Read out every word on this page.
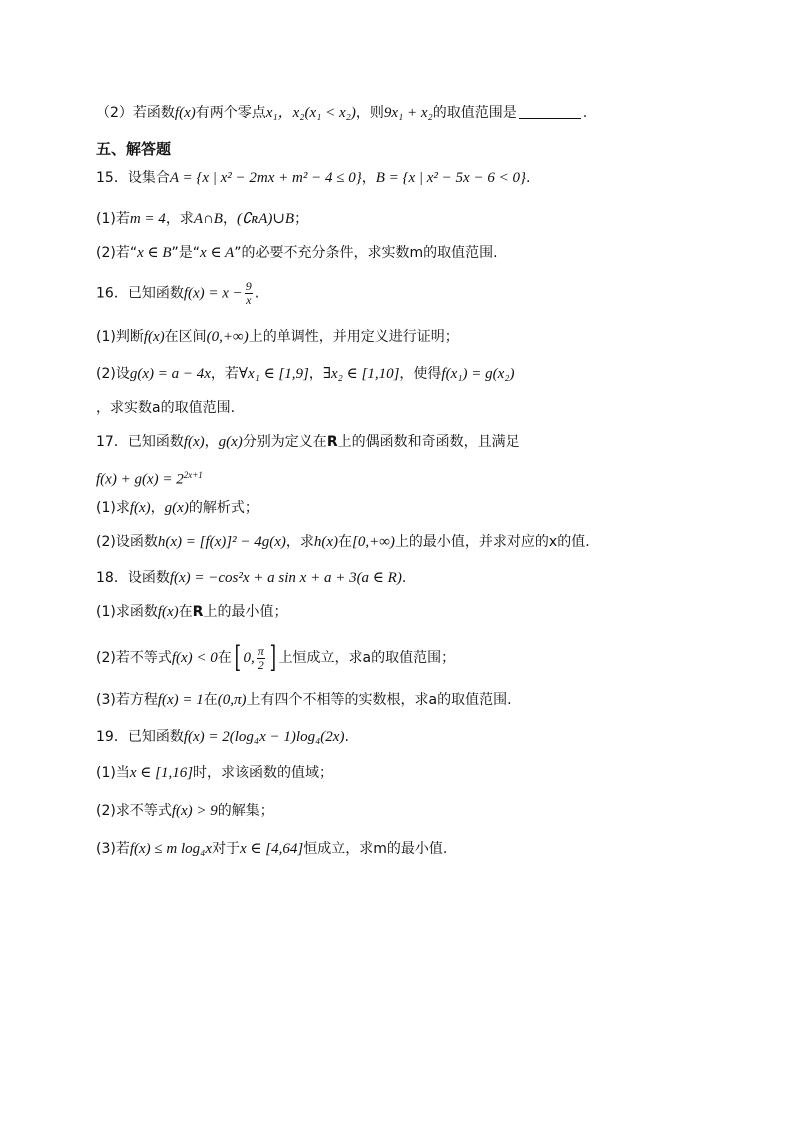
（2）若函数f(x)有两个零点x₁，x₂(x₁ < x₂)，则9x₁ + x₂的取值范围是	.
五、解答题
15．设集合A = {x | x² − 2mx + m² − 4 ≤ 0}，B = {x | x² − 5x − 6 < 0}.
(1)若m = 4，求A∩B，(∁ʀA)∪B；
(2)若“x ∈ B”是“x ∈ A”的必要不充分条件，求实数m的取值范围.
16．已知函数$f(x) = x - \frac{9}{x}$ .
(1)判断f(x)在区间(0,+∞)上的单调性，并用定义进行证明；
(2)设g(x) = a − 4x，若∀x₁ ∈ [1,9]，∃x₂ ∈ [1,10]，使得f(x₁) = g(x₂)
，求实数a的取值范围.
17．已知函数f(x)，g(x)分别为定义在R上的偶函数和奇函数，且满足
$f(x) + g(x) = 2^{2x+1}$
(1)求f(x)，g(x)的解析式；
(2)设函数h(x) = [f(x)]² − 4g(x)，求h(x)在[0,+∞)上的最小值，并求对应的x的值.
18．设函数f(x) = −cos²x + a sin x + a + 3(a ∈ R).
(1)求函数f(x)在R上的最小值；
(2)若不等式f(x) < 0在[ 0, $\frac{\pi}{2}$ ] 上恒成立，求a的取值范围；
(3)若方程f(x) = 1在(0,π)上有四个不相等的实数根，求a的取值范围.
19．已知函数f(x) = 2(log₄x − 1)log₄(2x).
(1)当x ∈ [1,16]时，求该函数的值域；
(2)求不等式f(x) > 9的解集；
(3)若f(x) ≤ m log₄x对于x ∈ [4,64]恒成立，求m的最小值.
